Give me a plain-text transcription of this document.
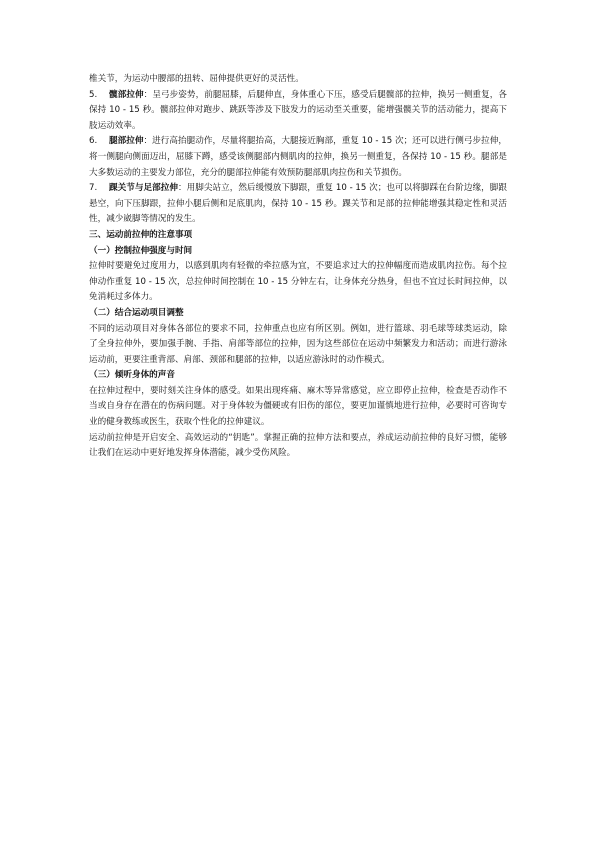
椎关节，为运动中腰部的扭转、屈伸提供更好的灵活性。

5. 髋部拉伸：呈弓步姿势，前腿屈膝，后腿伸直，身体重心下压，感受后腿髋部的拉伸，换另一侧重复，各保持 10 - 15 秒。髋部拉伸对跑步、跳跃等涉及下肢发力的运动至关重要，能增强髋关节的活动能力，提高下肢运动效率。

6. 腿部拉伸：进行高抬腿动作，尽量将腿抬高，大腿接近胸部，重复 10 - 15 次；还可以进行侧弓步拉伸，将一侧腿向侧面迈出，屈膝下蹲，感受该侧腿部内侧肌肉的拉伸，换另一侧重复，各保持 10 - 15 秒。腿部是大多数运动的主要发力部位，充分的腿部拉伸能有效预防腿部肌肉拉伤和关节损伤。

7. 踝关节与足部拉伸：用脚尖站立，然后缓慢放下脚跟，重复 10 - 15 次；也可以将脚踩在台阶边缘，脚跟悬空，向下压脚跟，拉伸小腿后侧和足底肌肉，保持 10 - 15 秒。踝关节和足部的拉伸能增强其稳定性和灵活性，减少崴脚等情况的发生。

三、运动前拉伸的注意事项

（一）控制拉伸强度与时间

拉伸时要避免过度用力，以感到肌肉有轻微的牵拉感为宜，不要追求过大的拉伸幅度而造成肌肉拉伤。每个拉伸动作重复 10 - 15 次，总拉伸时间控制在 10 - 15 分钟左右，让身体充分热身，但也不宜过长时间拉伸，以免消耗过多体力。

（二）结合运动项目调整

不同的运动项目对身体各部位的要求不同，拉伸重点也应有所区别。例如，进行篮球、羽毛球等球类运动，除了全身拉伸外，要加强手腕、手指、肩部等部位的拉伸，因为这些部位在运动中频繁发力和活动；而进行游泳运动前，更要注重背部、肩部、颈部和腿部的拉伸，以适应游泳时的动作模式。

（三）倾听身体的声音

在拉伸过程中，要时刻关注身体的感受。如果出现疼痛、麻木等异常感觉，应立即停止拉伸，检查是否动作不当或自身存在潜在的伤病问题。对于身体较为僵硬或有旧伤的部位，要更加谨慎地进行拉伸，必要时可咨询专业的健身教练或医生，获取个性化的拉伸建议。

运动前拉伸是开启安全、高效运动的“钥匙”。掌握正确的拉伸方法和要点，养成运动前拉伸的良好习惯，能够让我们在运动中更好地发挥身体潜能，减少受伤风险。
